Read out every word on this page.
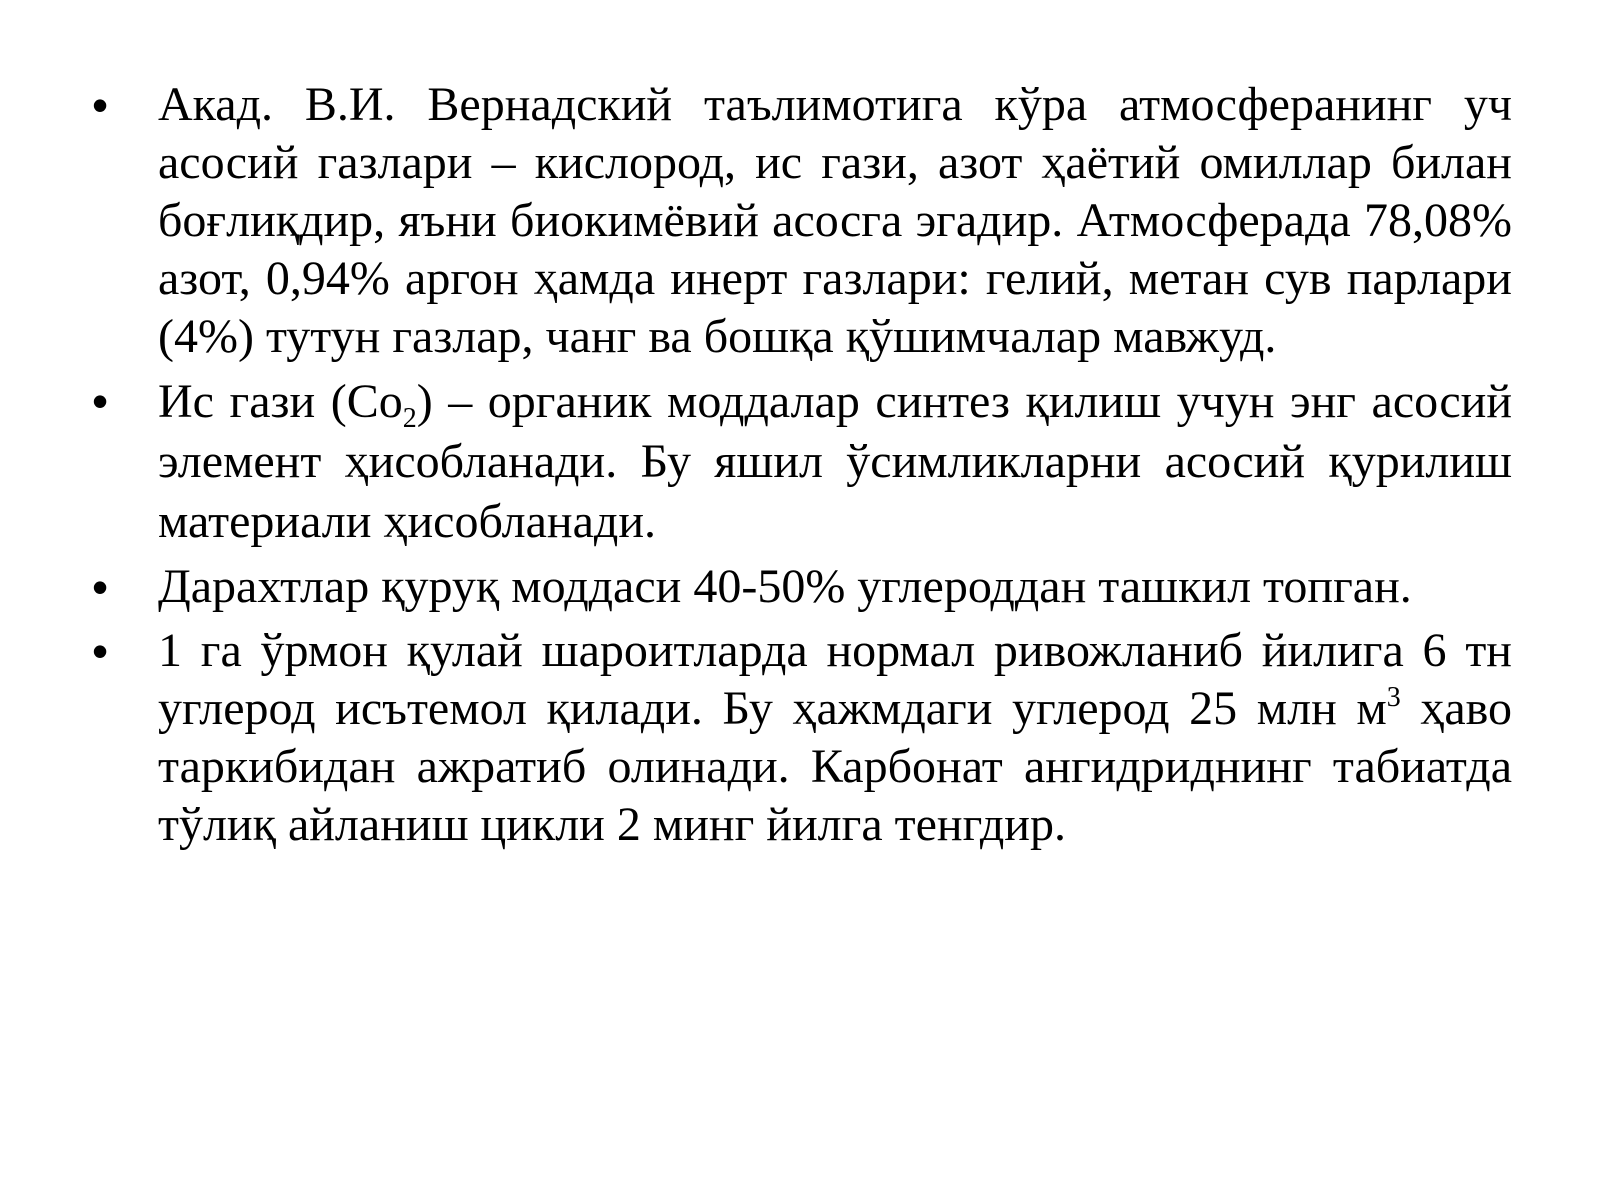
• Акад. В.И. Вернадский таълимотига кўра атмосферанинг уч асосий газлари – кислород, ис гази, азот ҳаётий омиллар билан боғлиқдир, яъни биокимёвий асосга эгадир. Атмосферада 78,08% азот, 0,94% аргон ҳамда инерт газлари: гелий, метан сув парлари (4%) тутун газлар, чанг ва бошқа қўшимчалар мавжуд.
• Ис гази $(Co_2)$ – органик моддалар синтез қилиш учун энг асосий элемент ҳисобланади. Бу яшил ўсимликларни асосий қурилиш материали ҳисобланади.
• Дарахтлар қуруқ моддаси 40-50% углероддан ташкил топган.
• 1 га ўрмон қулай шароитларда нормал ривожланиб йилига 6 тн углерод исътемол қилади. Бу ҳажмдаги углерод 25 млн $м^3$ ҳаво таркибидан ажратиб олинади. Карбонат ангидриднинг табиатда тўлиқ айланиш цикли 2 минг йилга тенгдир.
